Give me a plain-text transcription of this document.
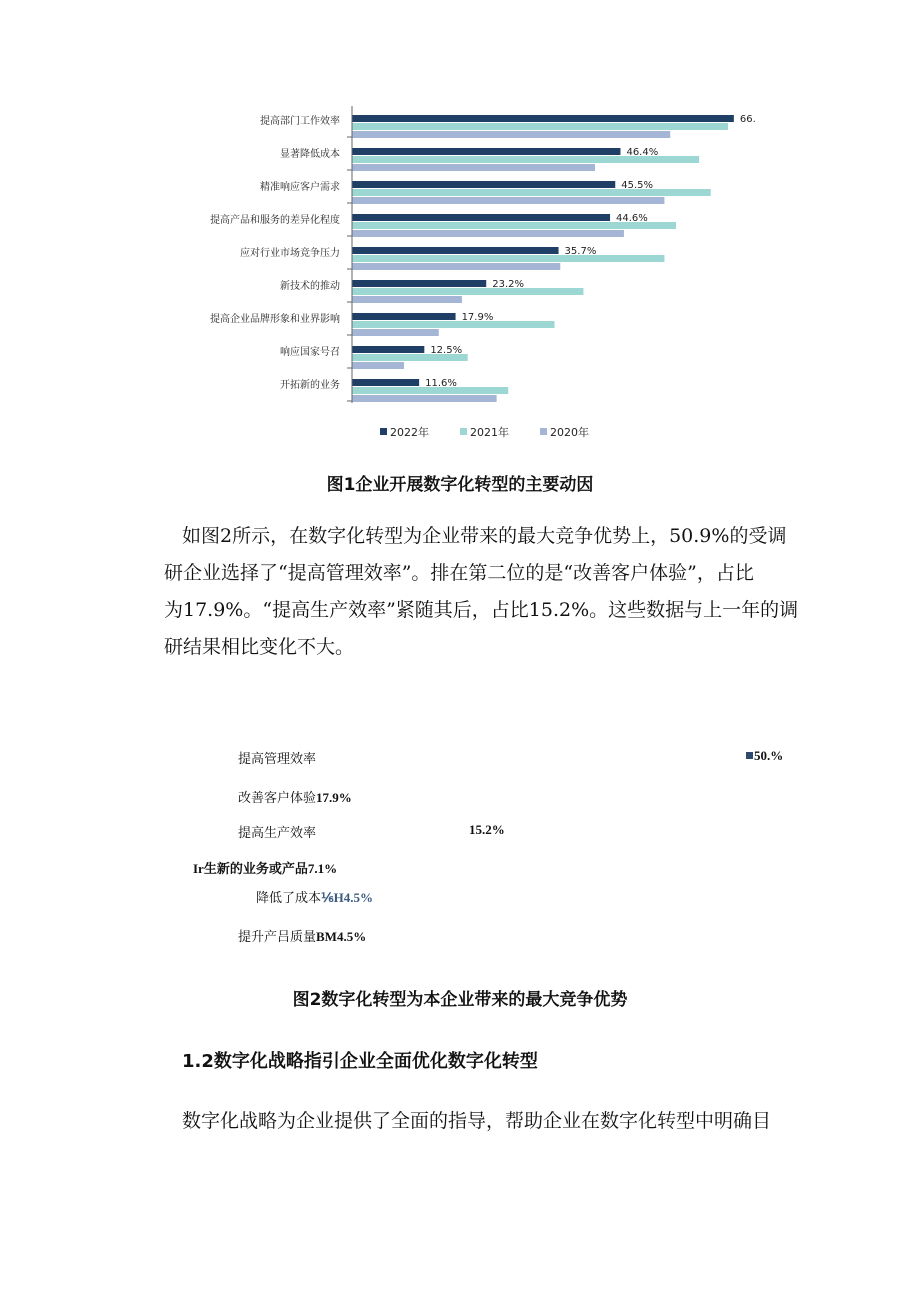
提高部门工作效率	66.
显著降低成本	46.4%
精准响应客户需求	45.5%
提高产品和服务的差异化程度	44.6%
应对行业市场竞争压力	35.7%
新技术的推动	23.2%
提高企业品牌形象和业界影响	17.9%
响应国家号召	12.5%
开拓新的业务	11.6%
2022年	2021年	2020年
图1企业开展数字化转型的主要动因
如图2所示，在数字化转型为企业带来的最大竞争优势上，50.9%的受调
研企业选择了“提高管理效率”。排在第二位的是“改善客户体验”，占比
为17.9%。“提高生产效率”紧随其后，占比15.2%。这些数据与上一年的调
研结果相比变化不大。
提高管理效率	50.%
改善客户体验17.9%
提高生产效率	15.2%
Ir生新的业务或产品7.1%
降低了成本⅙H4.5%
提升产吕质量BM4.5%
图2数字化转型为本企业带来的最大竞争优势
1.2数字化战略指引企业全面优化数字化转型
数字化战略为企业提供了全面的指导，帮助企业在数字化转型中明确目
